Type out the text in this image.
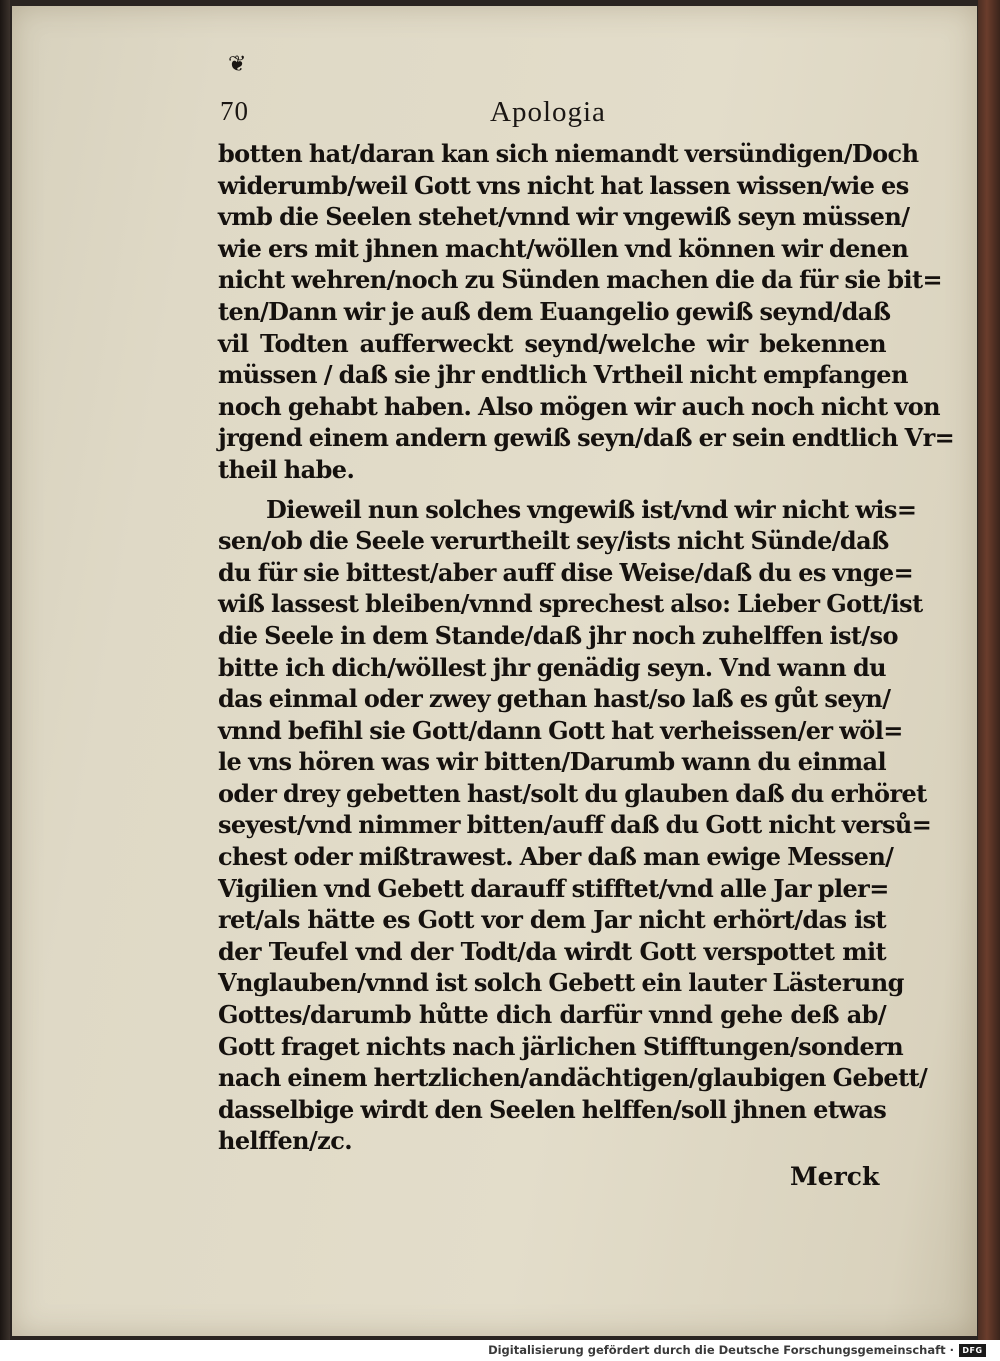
❦
70	Apologia
botten hat/daran kan sich niemandt versündigen/Doch
widerumb/weil Gott vns nicht hat lassen wissen/wie es
vmb die Seelen stehet/vnnd wir vngewiß seyn müssen/
wie ers mit jhnen macht/wöllen vnd können wir denen
nicht wehren/noch zu Sünden machen die da für sie bit=
ten/Dann wir je auß dem Euangelio gewiß seynd/daß
vil Todten aufferweckt seynd/welche wir bekennen
müssen / daß sie jhr endtlich Vrtheil nicht empfangen
noch gehabt haben. Also mögen wir auch noch nicht von
jrgend einem andern gewiß seyn/daß er sein endtlich Vr=
theil habe.
Dieweil nun solches vngewiß ist/vnd wir nicht wis=
sen/ob die Seele verurtheilt sey/ists nicht Sünde/daß
du für sie bittest/aber auff dise Weise/daß du es vnge=
wiß lassest bleiben/vnnd sprechest also: Lieber Gott/ist
die Seele in dem Stande/daß jhr noch zuhelffen ist/so
bitte ich dich/wöllest jhr genädig seyn. Vnd wann du
das einmal oder zwey gethan hast/so laß es gůt seyn/
vnnd befihl sie Gott/dann Gott hat verheissen/er wöl=
le vns hören was wir bitten/Darumb wann du einmal
oder drey gebetten hast/solt du glauben daß du erhöret
seyest/vnd nimmer bitten/auff daß du Gott nicht versů=
chest oder mißtrawest. Aber daß man ewige Messen/
Vigilien vnd Gebett darauff stifftet/vnd alle Jar pler=
ret/als hätte es Gott vor dem Jar nicht erhört/das ist
der Teufel vnd der Todt/da wirdt Gott verspottet mit
Vnglauben/vnnd ist solch Gebett ein lauter Lästerung
Gottes/darumb hůtte dich darfür vnnd gehe deß ab/
Gott fraget nichts nach järlichen Stifftungen/sondern
nach einem hertzlichen/andächtigen/glaubigen Gebett/
dasselbige wirdt den Seelen helffen/soll jhnen etwas
helffen/zc.
Merck
Digitalisierung gefördert durch die Deutsche Forschungsgemeinschaft ·	DFG
